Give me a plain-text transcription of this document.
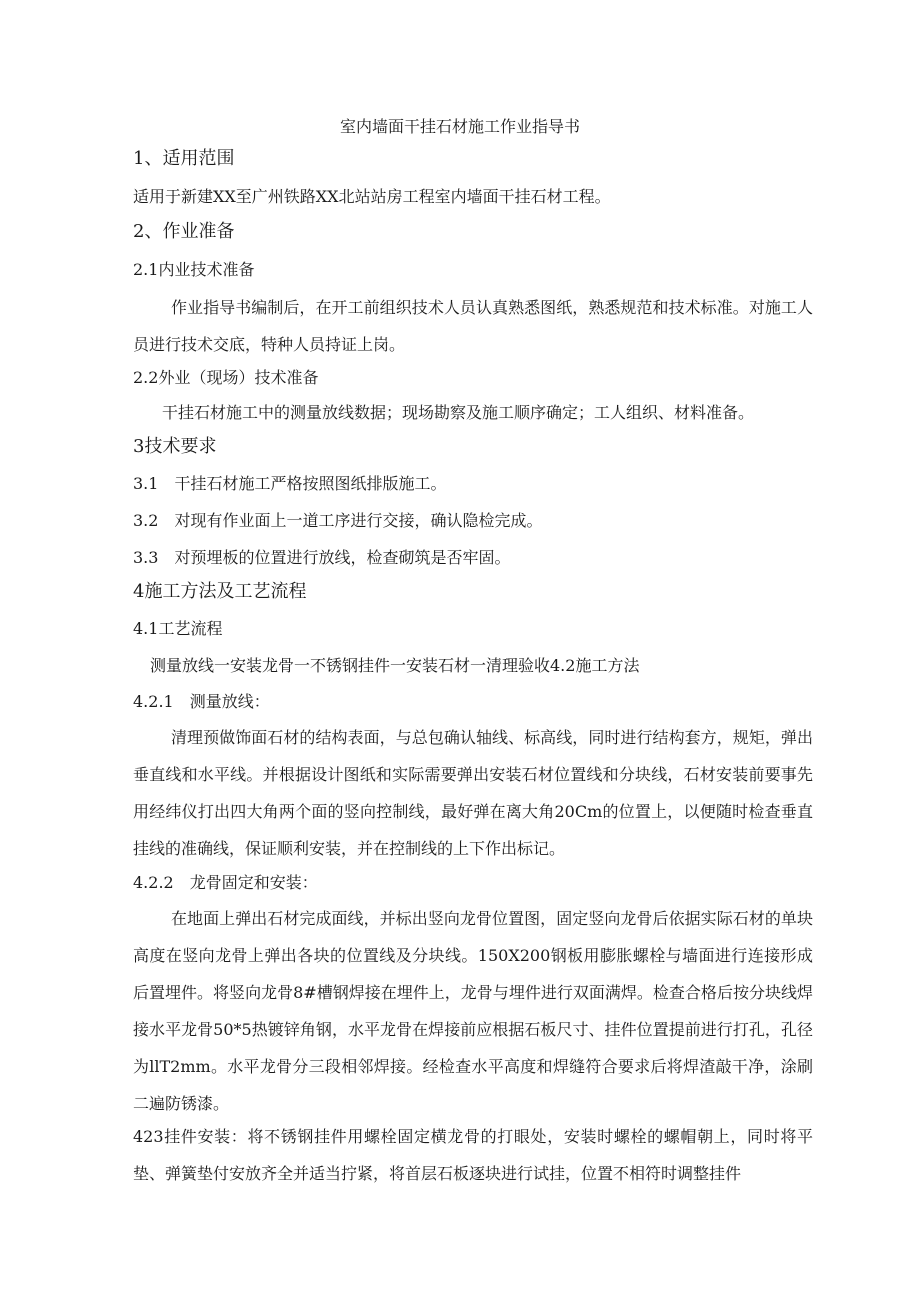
室内墙面干挂石材施工作业指导书
1、适用范围
适用于新建XX至广州铁路XX北站站房工程室内墙面干挂石材工程。
2、作业准备
2.1内业技术准备
作业指导书编制后，在开工前组织技术人员认真熟悉图纸，熟悉规范和技术标准。对施工人员进行技术交底，特种人员持证上岗。
2.2外业（现场）技术准备
干挂石材施工中的测量放线数据；现场勘察及施工顺序确定；工人组织、材料准备。
3技术要求
3.1　干挂石材施工严格按照图纸排版施工。
3.2　对现有作业面上一道工序进行交接，确认隐检完成。
3.3　对预埋板的位置进行放线，检查砌筑是否牢固。
4施工方法及工艺流程
4.1工艺流程
测量放线一安装龙骨一不锈钢挂件一安装石材一清理验收4.2施工方法
4.2.1　测量放线：
清理预做饰面石材的结构表面，与总包确认轴线、标高线，同时进行结构套方，规矩，弹出垂直线和水平线。并根据设计图纸和实际需要弹出安装石材位置线和分块线，石材安装前要事先用经纬仪打出四大角两个面的竖向控制线，最好弹在离大角20Cm的位置上，以便随时检查垂直挂线的准确线，保证顺利安装，并在控制线的上下作出标记。
4.2.2　龙骨固定和安装：
在地面上弹出石材完成面线，并标出竖向龙骨位置图，固定竖向龙骨后依据实际石材的单块高度在竖向龙骨上弹出各块的位置线及分块线。150X200钢板用膨胀螺栓与墙面进行连接形成后置埋件。将竖向龙骨8#槽钢焊接在埋件上，龙骨与埋件进行双面满焊。检查合格后按分块线焊接水平龙骨50*5热镀锌角钢，水平龙骨在焊接前应根据石板尺寸、挂件位置提前进行打孔，孔径为llT2mm。水平龙骨分三段相邻焊接。经检查水平高度和焊缝符合要求后将焊渣敲干净，涂刷二遍防锈漆。
423挂件安装：将不锈钢挂件用螺栓固定横龙骨的打眼处，安装时螺栓的螺帽朝上，同时将平垫、弹簧垫付安放齐全并适当拧紧，将首层石板逐块进行试挂，位置不相符时调整挂件
